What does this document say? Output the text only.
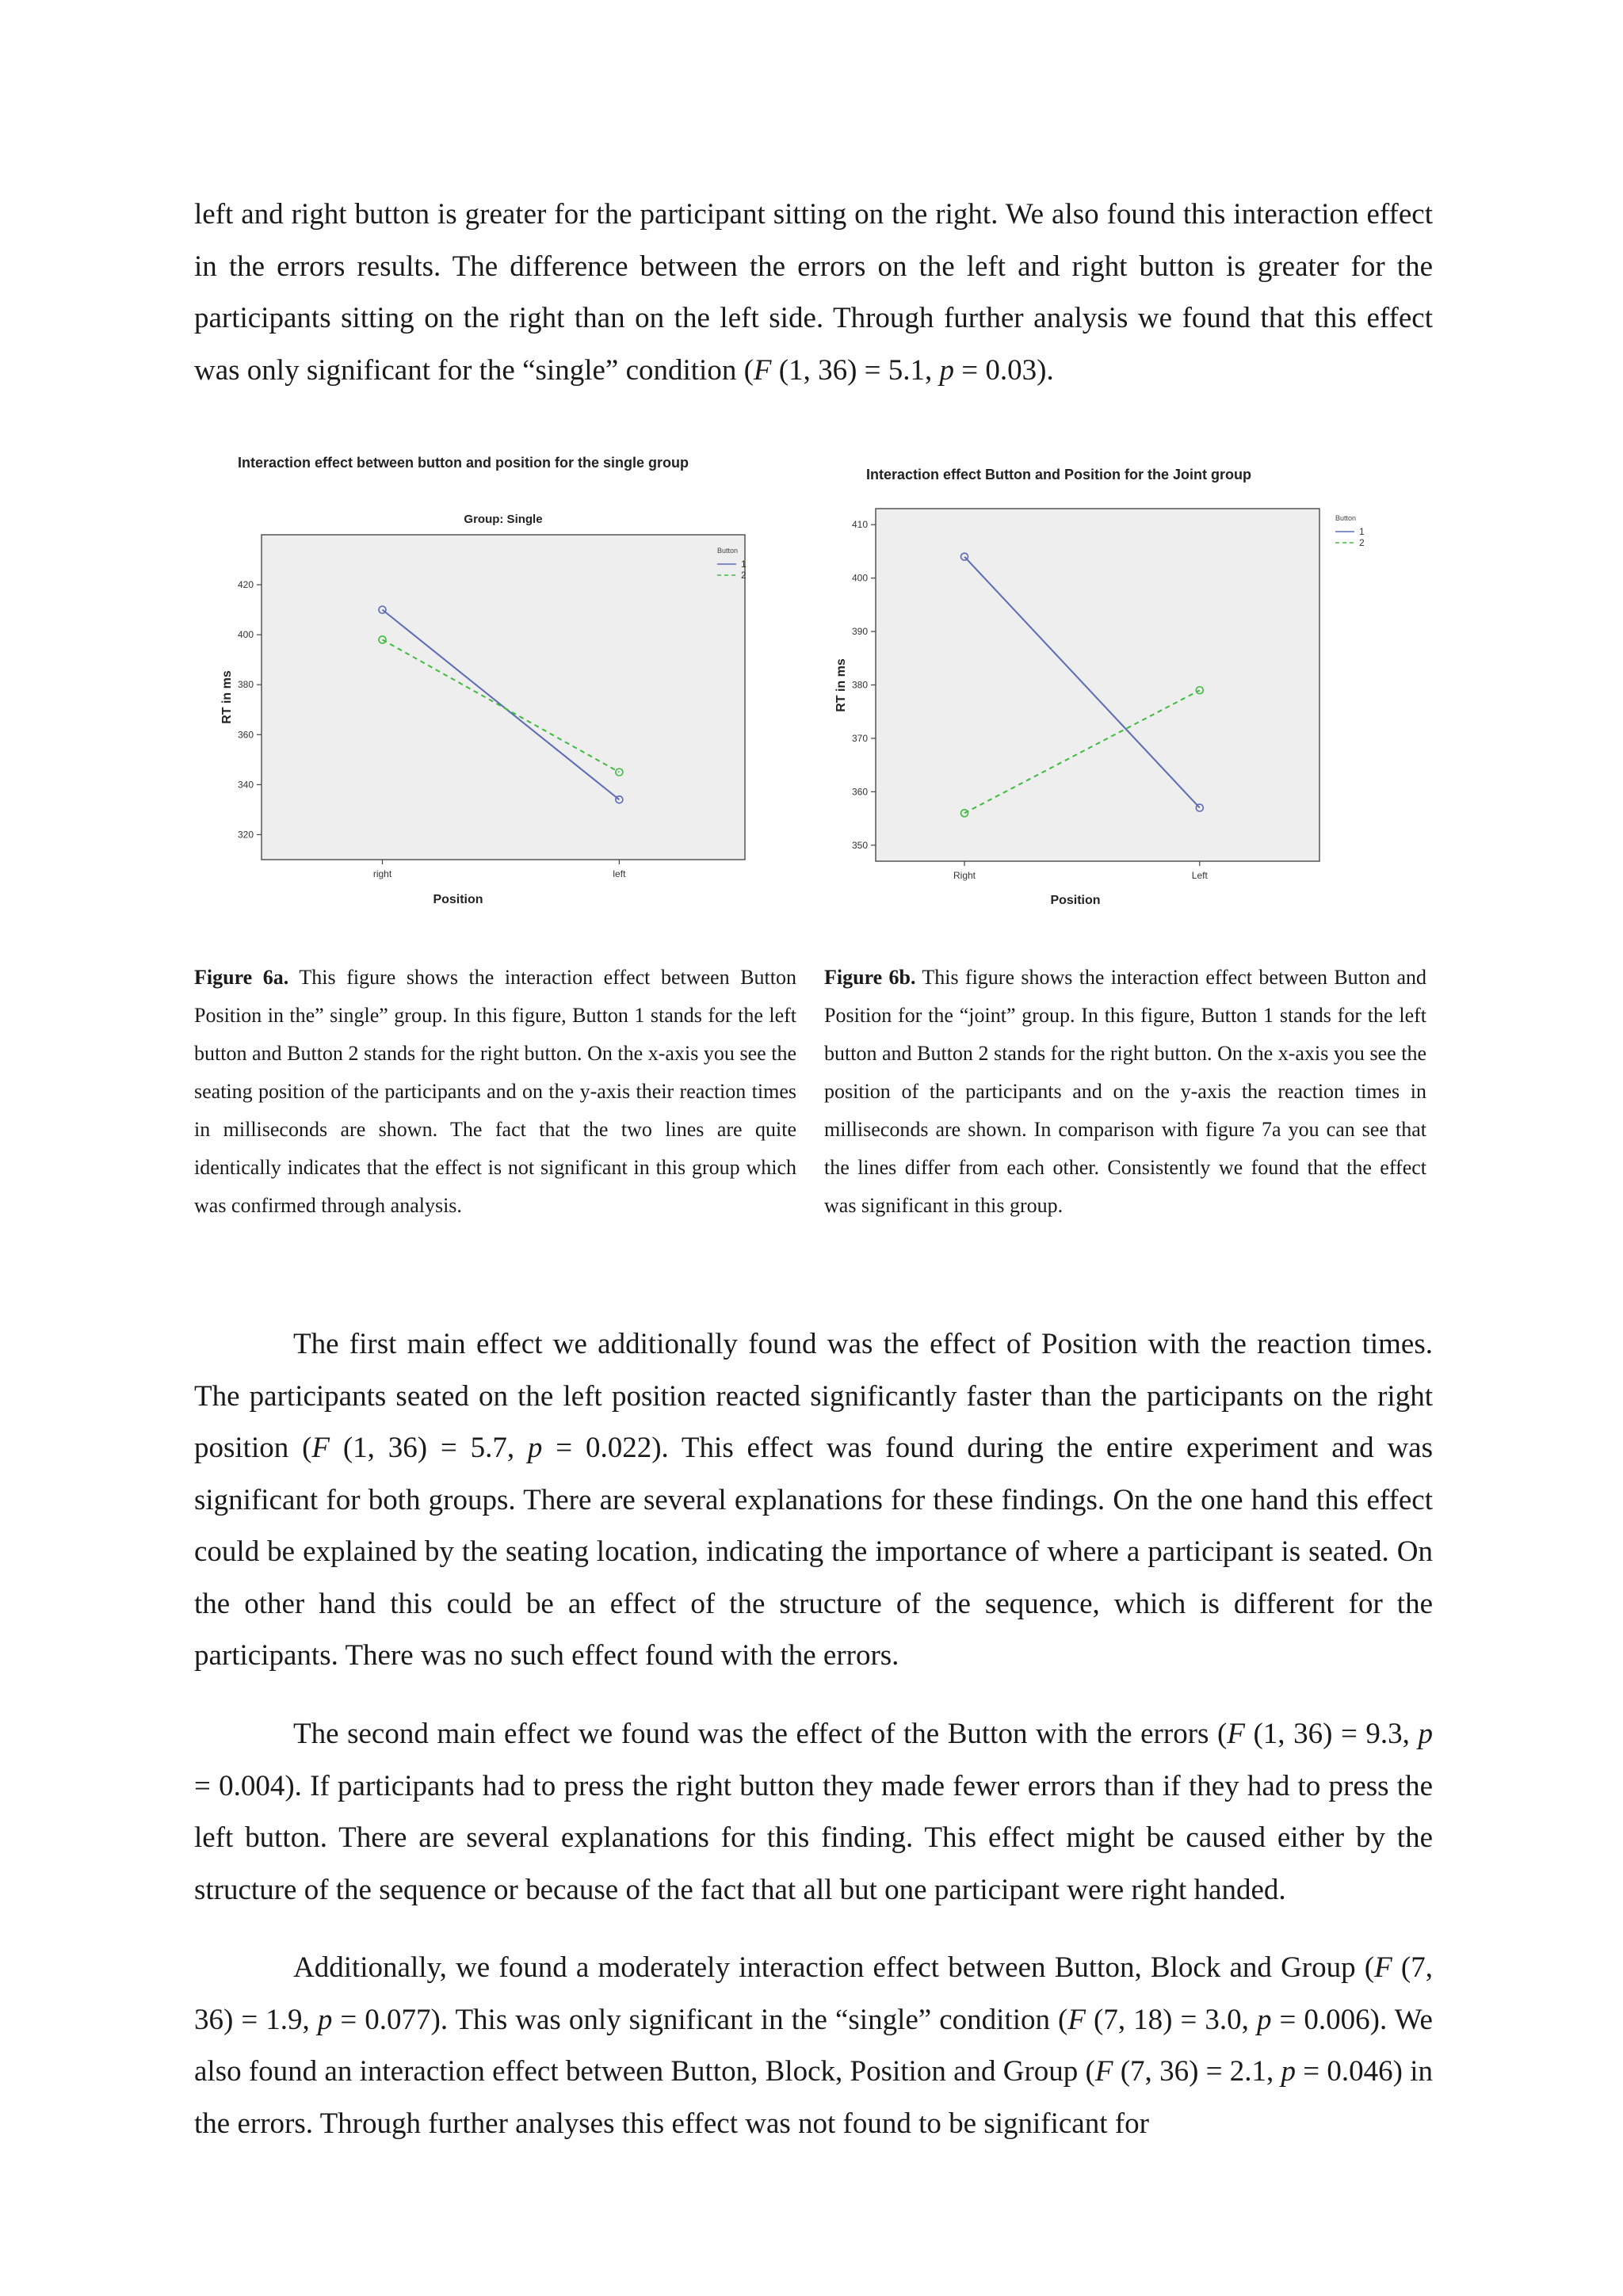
left and right button is greater for the participant sitting on the right. We also found this interaction effect in the errors results. The difference between the errors on the left and right button is greater for the participants sitting on the right than on the left side. Through further analysis we found that this effect was only significant for the “single” condition (F (1, 36) = 5.1, p = 0.03).

Interaction effect between button and position for the single group
Group: Single
RT in ms
Position
320
340
360
380
400
420
right	left
Button
1
2
Interaction effect Button and Position for the Joint group
RT in ms
Position
350
360
370
380
390
400
410
Right	Left
Button
1
2

Figure 6a. This figure shows the interaction effect between Button Position in the” single” group. In this figure, Button 1 stands for the left button and Button 2 stands for the right button. On the x-axis you see the seating position of the participants and on the y-axis their reaction times in milliseconds are shown. The fact that the two lines are quite identically indicates that the effect is not significant in this group which was confirmed through analysis.

Figure 6b. This figure shows the interaction effect between Button and Position for the “joint” group. In this figure, Button 1 stands for the left button and Button 2 stands for the right button. On the x-axis you see the position of the participants and on the y-axis the reaction times in milliseconds are shown. In comparison with figure 7a you can see that the lines differ from each other. Consistently we found that the effect was significant in this group.

The first main effect we additionally found was the effect of Position with the reaction times. The participants seated on the left position reacted significantly faster than the participants on the right position (F (1, 36) = 5.7, p = 0.022). This effect was found during the entire experiment and was significant for both groups. There are several explanations for these findings. On the one hand this effect could be explained by the seating location, indicating the importance of where a participant is seated. On the other hand this could be an effect of the structure of the sequence, which is different for the participants. There was no such effect found with the errors.

The second main effect we found was the effect of the Button with the errors (F (1, 36) = 9.3, p = 0.004). If participants had to press the right button they made fewer errors than if they had to press the left button. There are several explanations for this finding. This effect might be caused either by the structure of the sequence or because of the fact that all but one participant were right handed.

Additionally, we found a moderately interaction effect between Button, Block and Group (F (7, 36) = 1.9, p = 0.077). This was only significant in the “single” condition (F (7, 18) = 3.0, p = 0.006). We also found an interaction effect between Button, Block, Position and Group (F (7, 36) = 2.1, p = 0.046) in the errors. Through further analyses this effect was not found to be significant for
